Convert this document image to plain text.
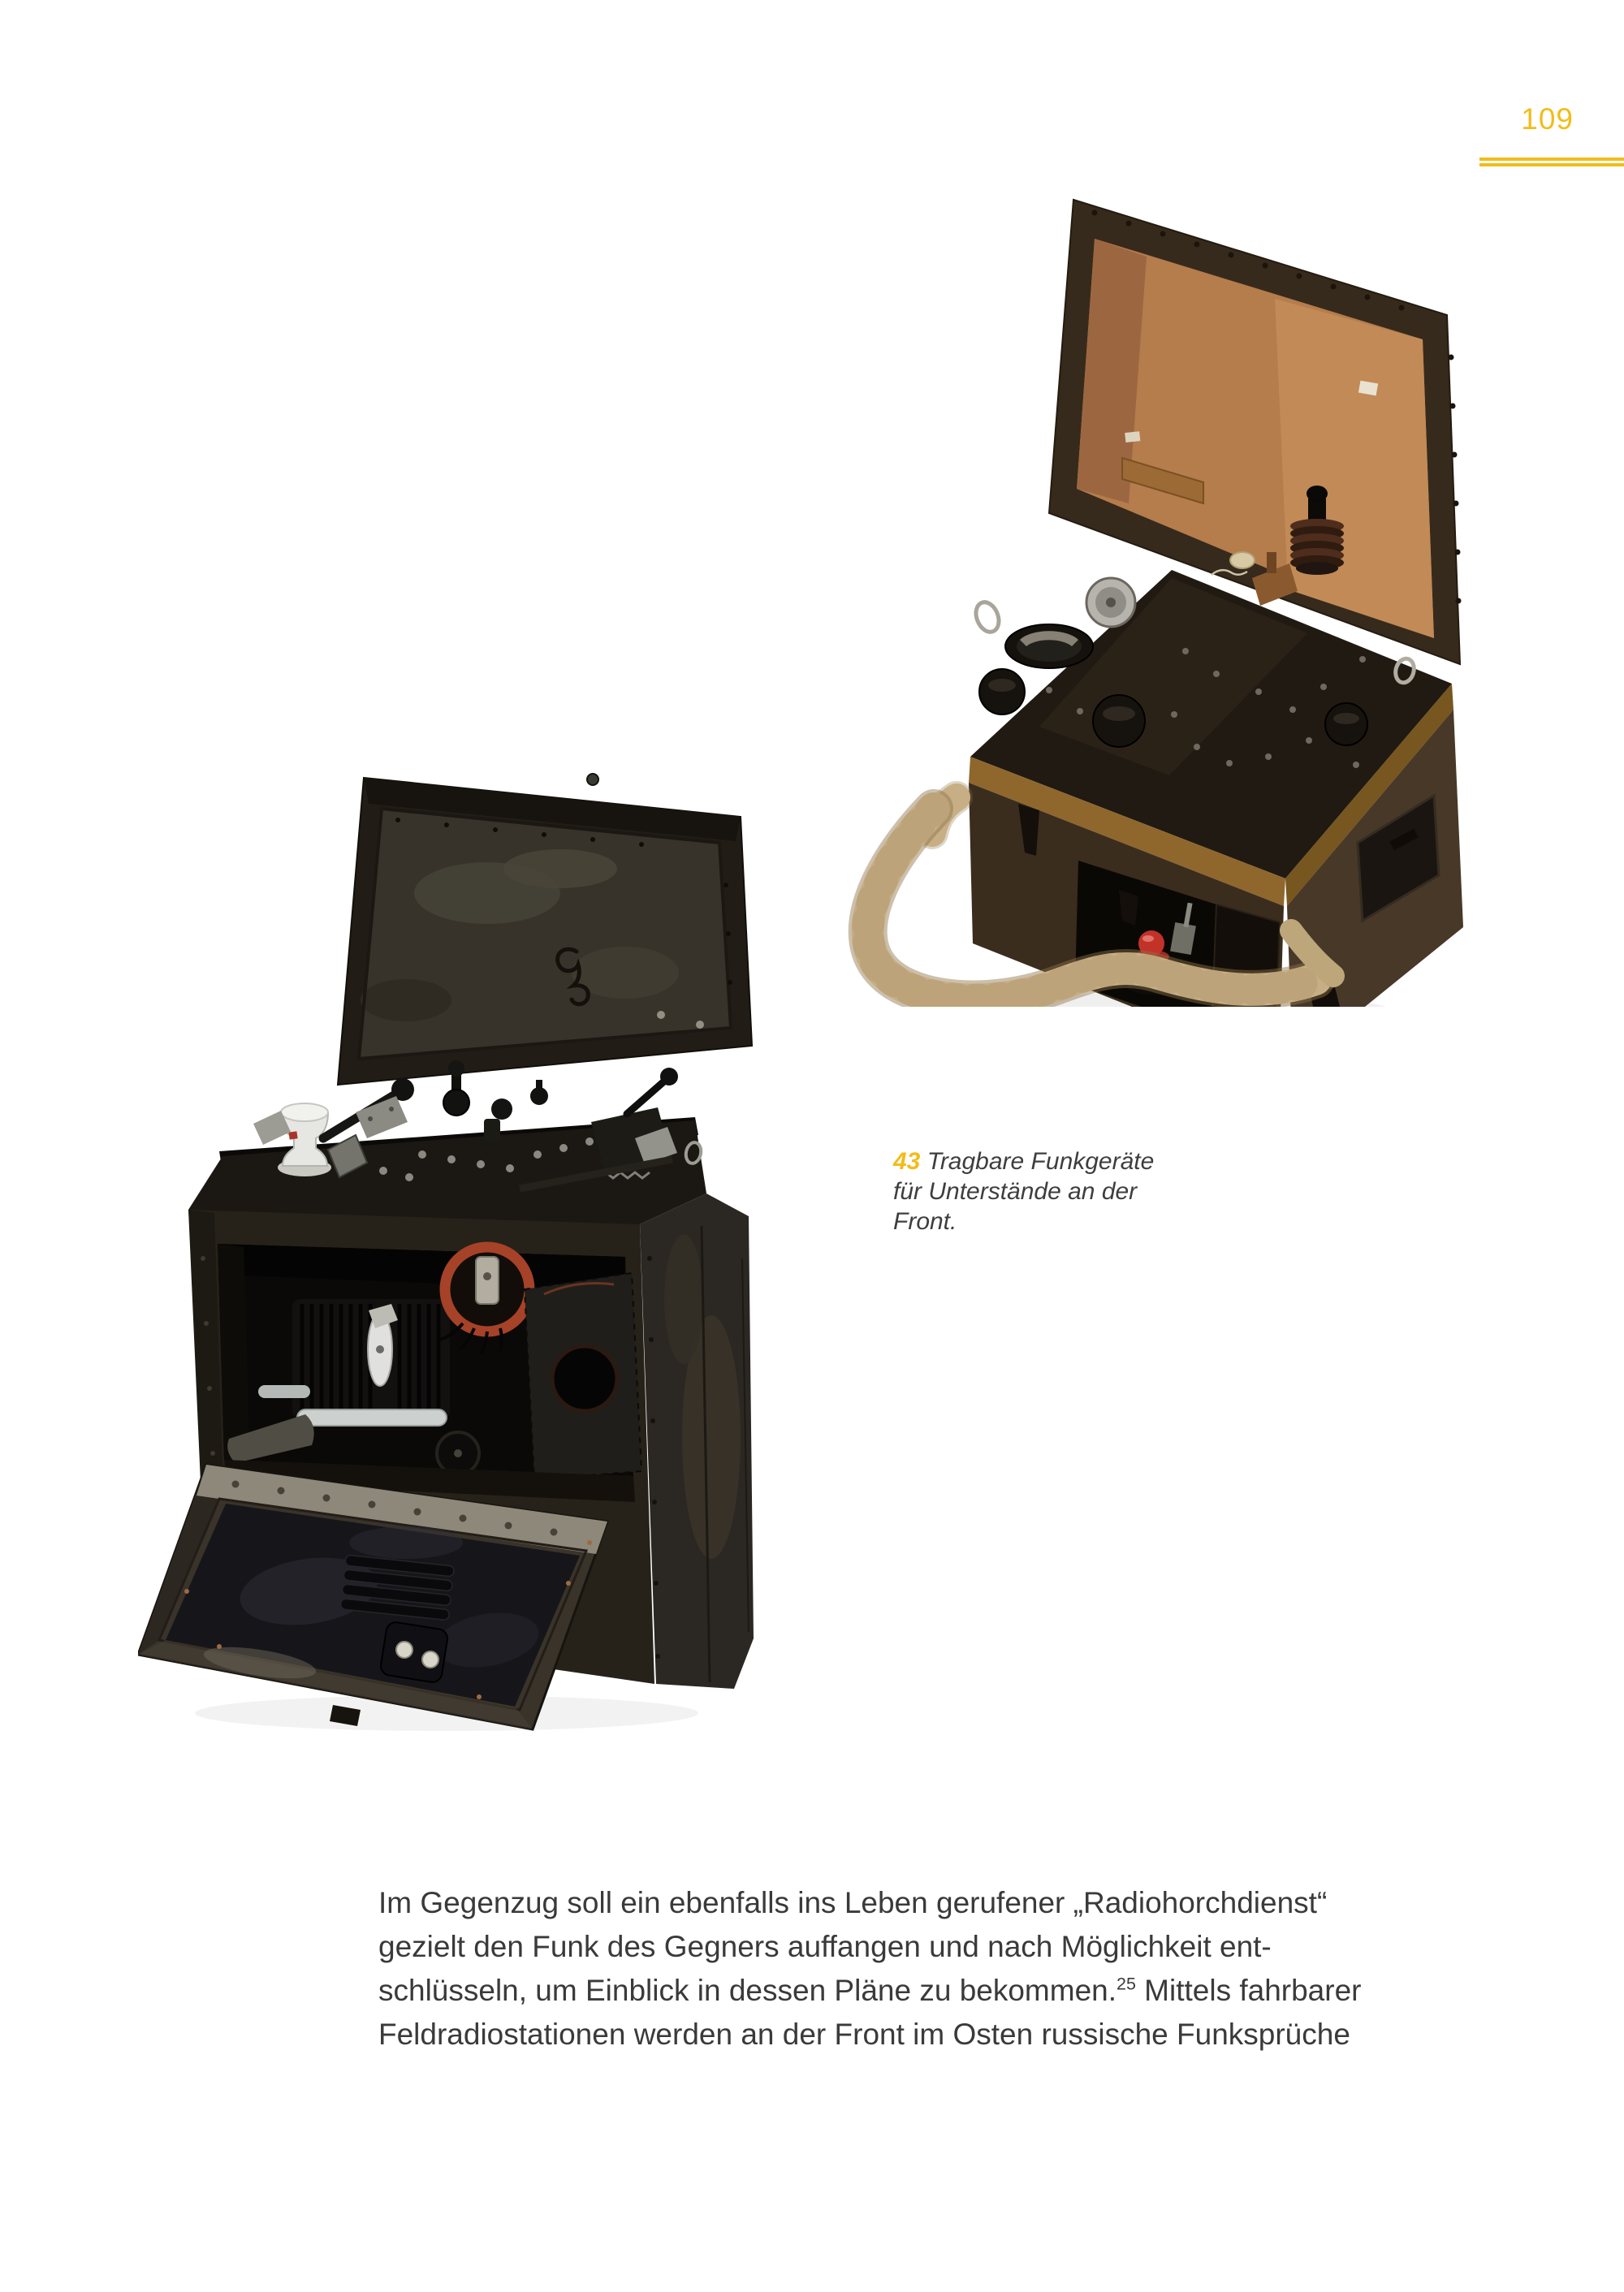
109
43 Tragbare Funkgeräte
für Unterstände an der
Front.

Im Gegenzug soll ein ebenfalls ins Leben gerufener „Radiohorchdienst“
gezielt den Funk des Gegners auffangen und nach Möglichkeit ent-
schlüsseln, um Einblick in dessen Pläne zu bekommen.$^{25}$ Mittels fahrbarer
Feldradiostationen werden an der Front im Osten russische Funksprüche
